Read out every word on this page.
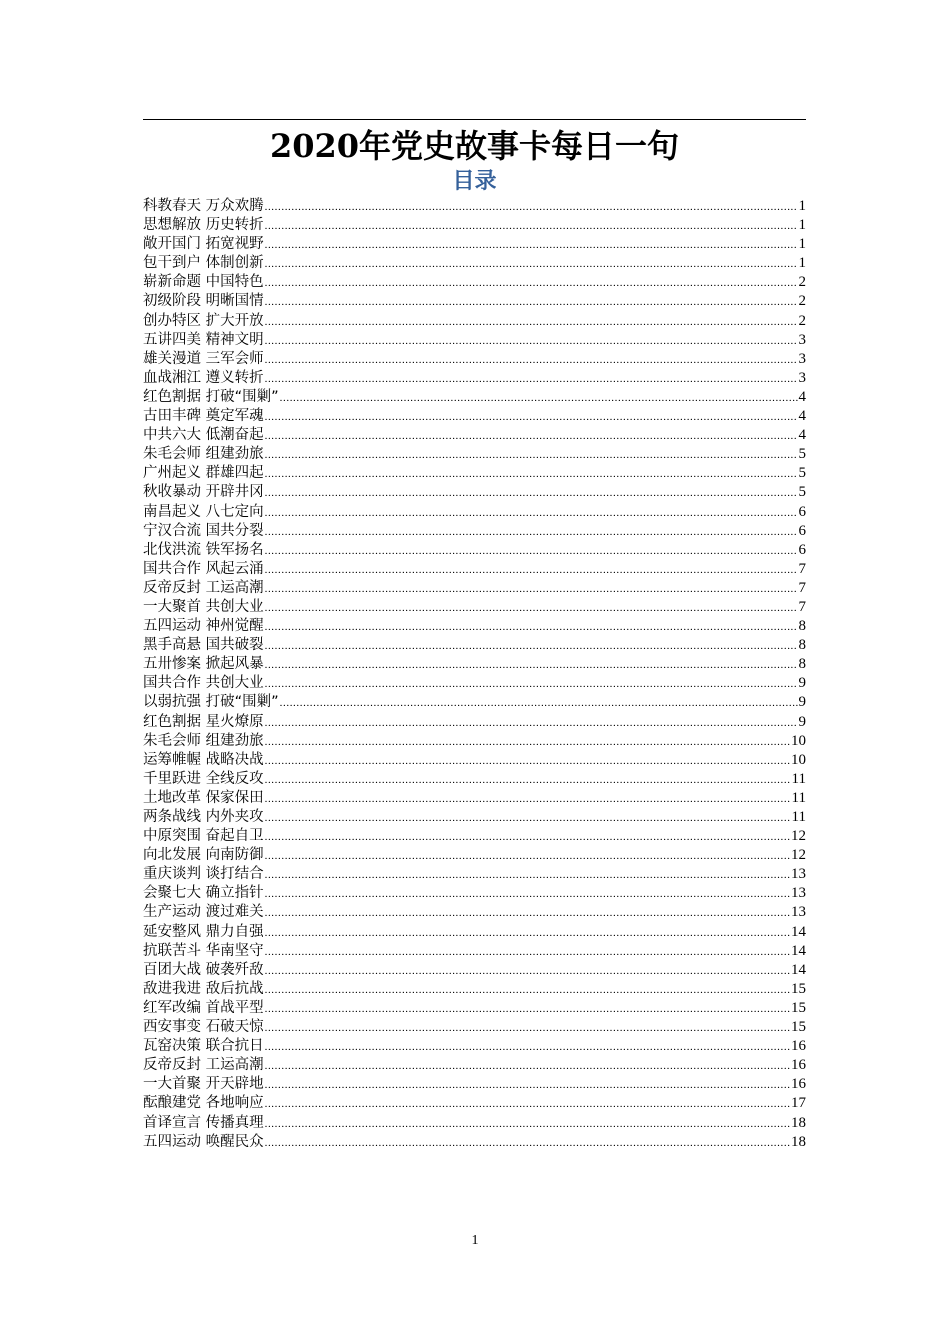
2020年党史故事卡每日一句
目录
科教春天 万众欢腾 .....	1
思想解放 历史转折 .....	1
敞开国门 拓宽视野 .....	1
包干到户 体制创新 .....	1
崭新命题 中国特色 .....	2
初级阶段 明晰国情 .....	2
创办特区 扩大开放 .....	2
五讲四美 精神文明 .....	3
雄关漫道 三军会师 .....	3
血战湘江 遵义转折 .....	3
红色割据 打破“围剿” .....	4
古田丰碑 奠定军魂 .....	4
中共六大 低潮奋起 .....	4
朱毛会师 组建劲旅 .....	5
广州起义 群雄四起 .....	5
秋收暴动 开辟井冈 .....	5
南昌起义 八七定向 .....	6
宁汉合流 国共分裂 .....	6
北伐洪流 铁军扬名 .....	6
国共合作 风起云涌 .....	7
反帝反封 工运高潮 .....	7
一大聚首 共创大业 .....	7
五四运动 神州觉醒 .....	8
黑手高悬 国共破裂 .....	8
五卅惨案 掀起风暴 .....	8
国共合作 共创大业 .....	9
以弱抗强 打破“围剿” .....	9
红色割据 星火燎原 .....	9
朱毛会师 组建劲旅 .....	10
运筹帷幄 战略决战 .....	10
千里跃进 全线反攻 .....	11
土地改革 保家保田 .....	11
两条战线 内外夹攻 .....	11
中原突围 奋起自卫 .....	12
向北发展 向南防御 .....	12
重庆谈判 谈打结合 .....	13
会聚七大 确立指针 .....	13
生产运动 渡过难关 .....	13
延安整风 鼎力自强 .....	14
抗联苦斗 华南坚守 .....	14
百团大战 破袭歼敌 .....	14
敌进我进 敌后抗战 .....	15
红军改编 首战平型 .....	15
西安事变 石破天惊 .....	15
瓦窑决策 联合抗日 .....	16
反帝反封 工运高潮 .....	16
一大首聚 开天辟地 .....	16
酝酿建党 各地响应 .....	17
首译宣言 传播真理 .....	18
五四运动 唤醒民众 .....	18
1
